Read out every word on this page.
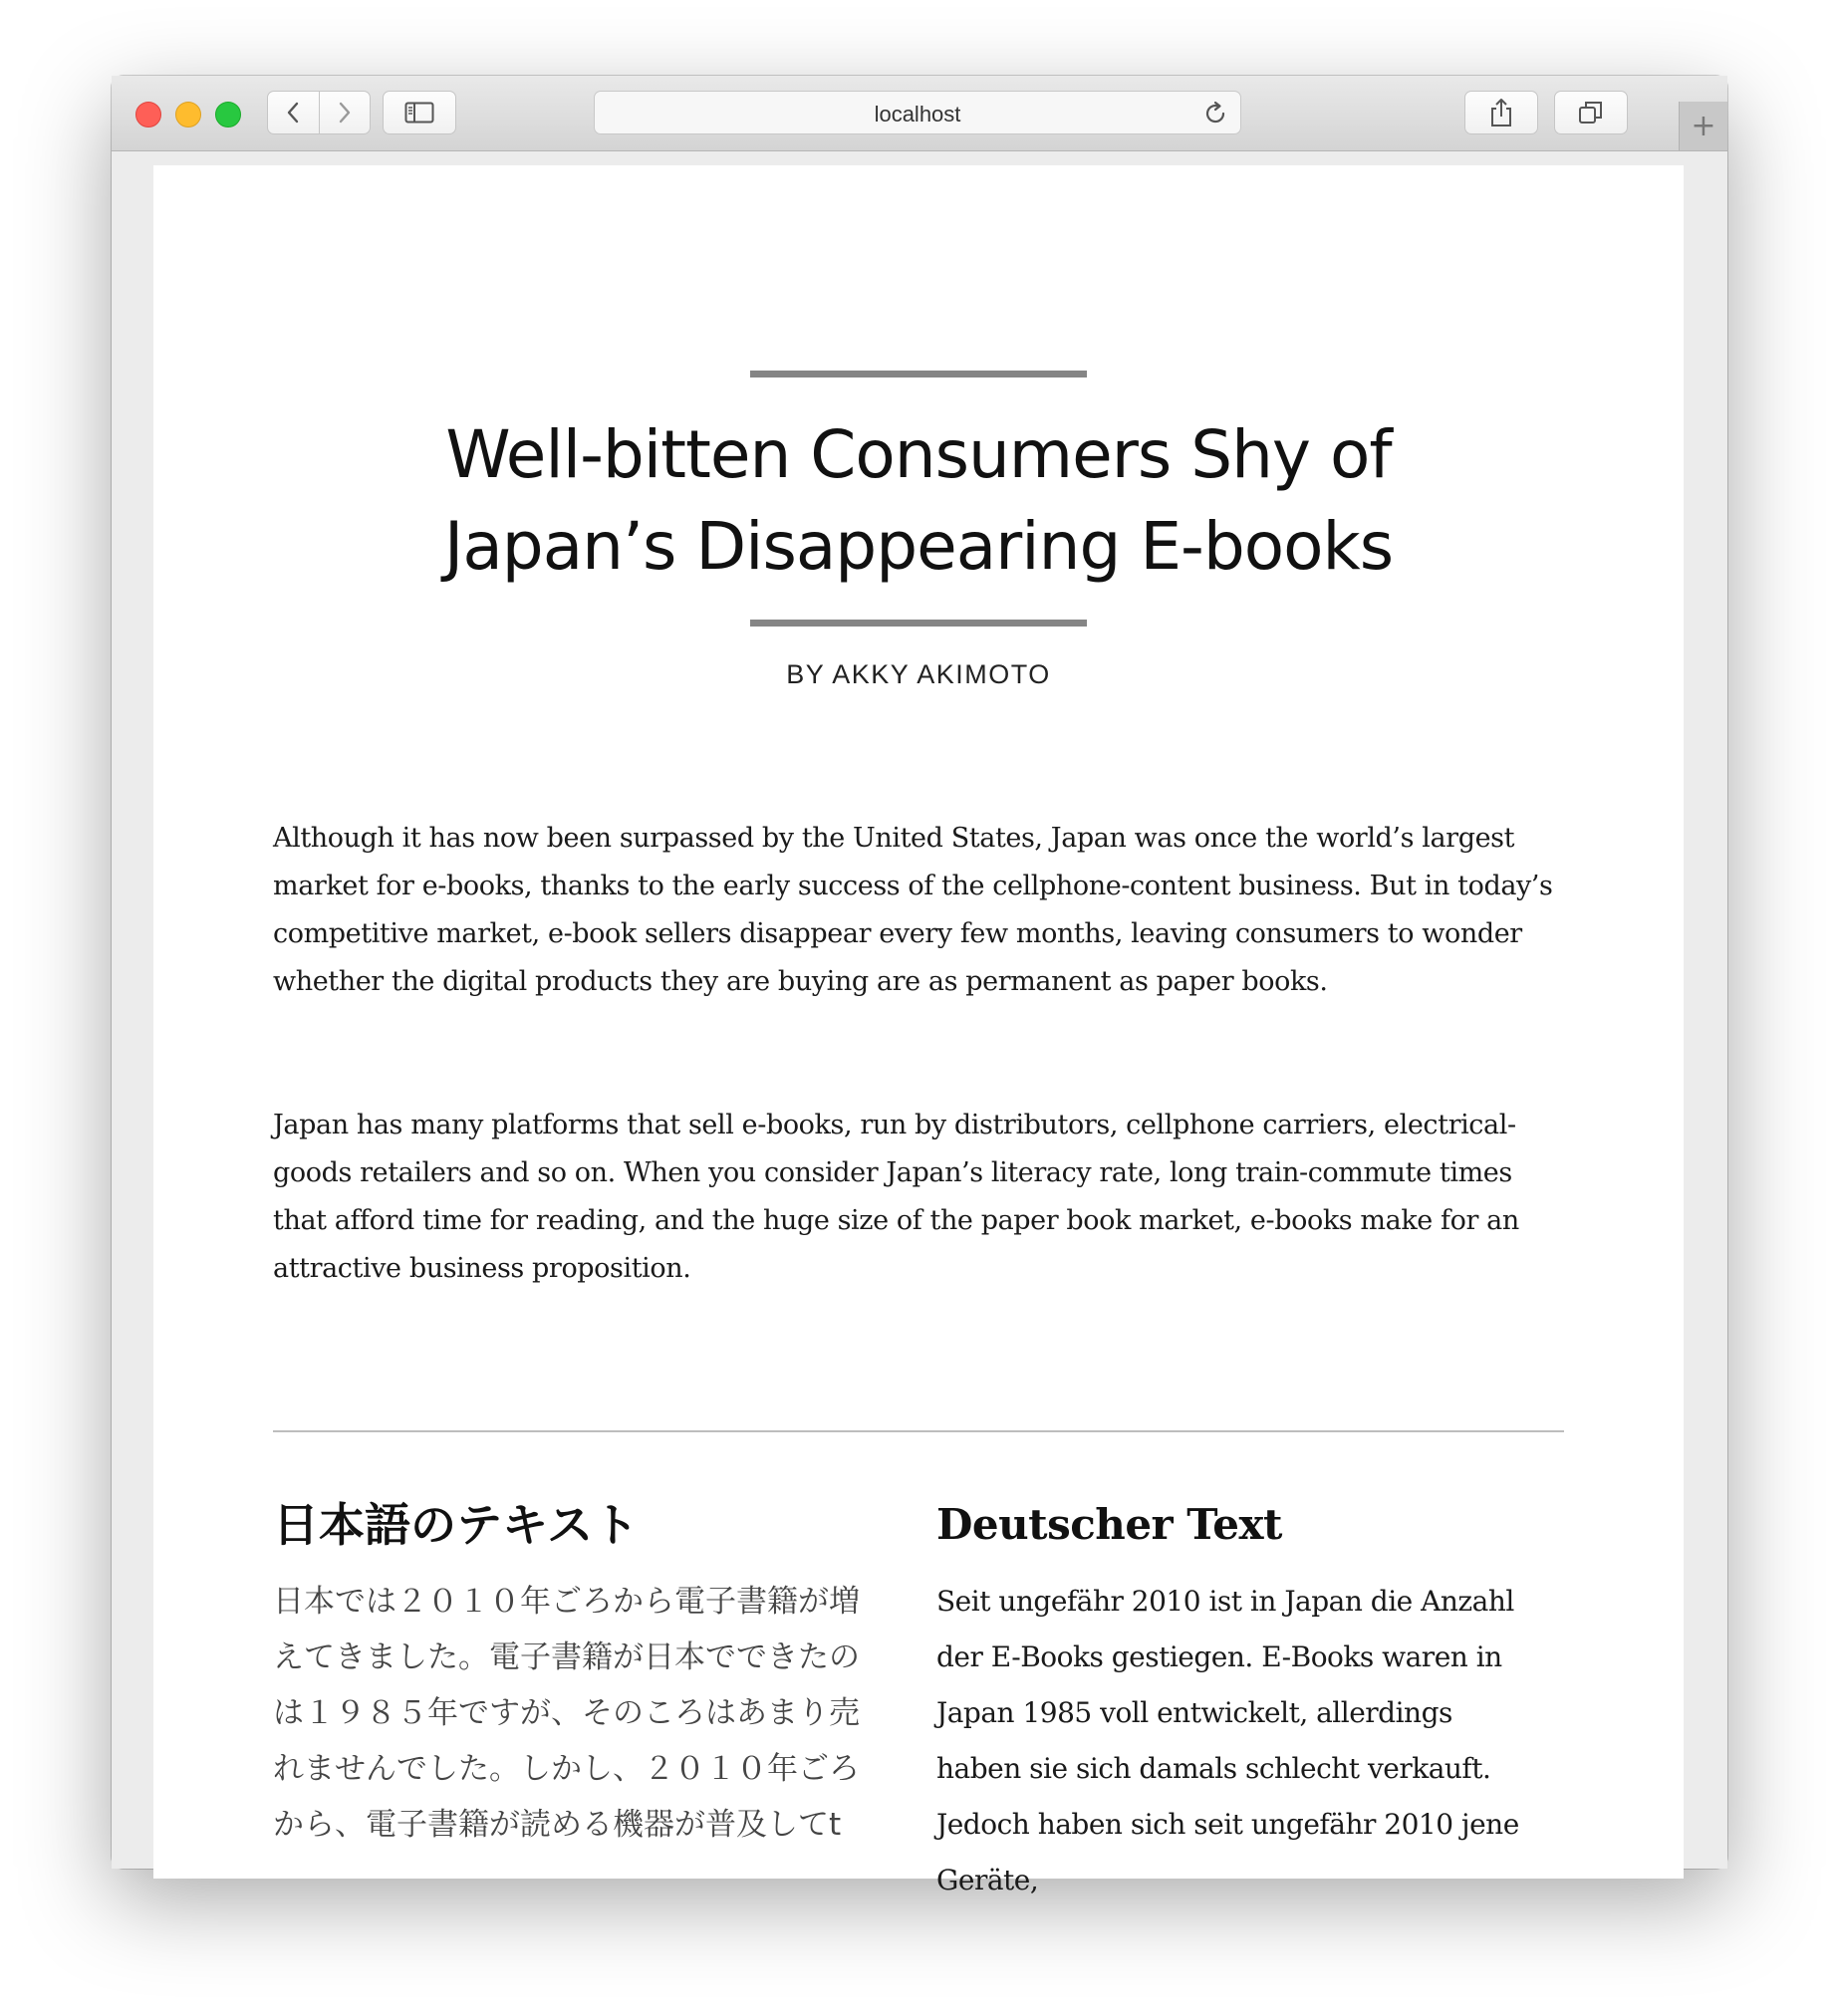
localhost	+
Well-bitten Consumers Shy of Japan’s Disappearing E-books
BY AKKY AKIMOTO

Although it has now been surpassed by the United States, Japan was once the world’s largest market for e-books, thanks to the early success of the cellphone-content business. But in today’s competitive market, e-book sellers disappear every few months, leaving consumers to wonder whether the digital products they are buying are as permanent as paper books.

Japan has many platforms that sell e-books, run by distributors, cellphone carriers, electrical-goods retailers and so on. When you consider Japan’s literacy rate, long train-commute times that afford time for reading, and the huge size of the paper book market, e-books make for an attractive business proposition.

日本語のテキスト

日本では２０１０年ごろから電子書籍が増えてきました。電子書籍が日本でできたのは１９８５年ですが、そのころはあまり売れませんでした。しかし、２０１０年ごろから、電子書籍が読める機器が普及してt

Deutscher Text

Seit ungefähr 2010 ist in Japan die Anzahl der E-Books gestiegen. E-Books waren in Japan 1985 voll entwickelt, allerdings haben sie sich damals schlecht verkauft. Jedoch haben sich seit ungefähr 2010 jene Geräte,
